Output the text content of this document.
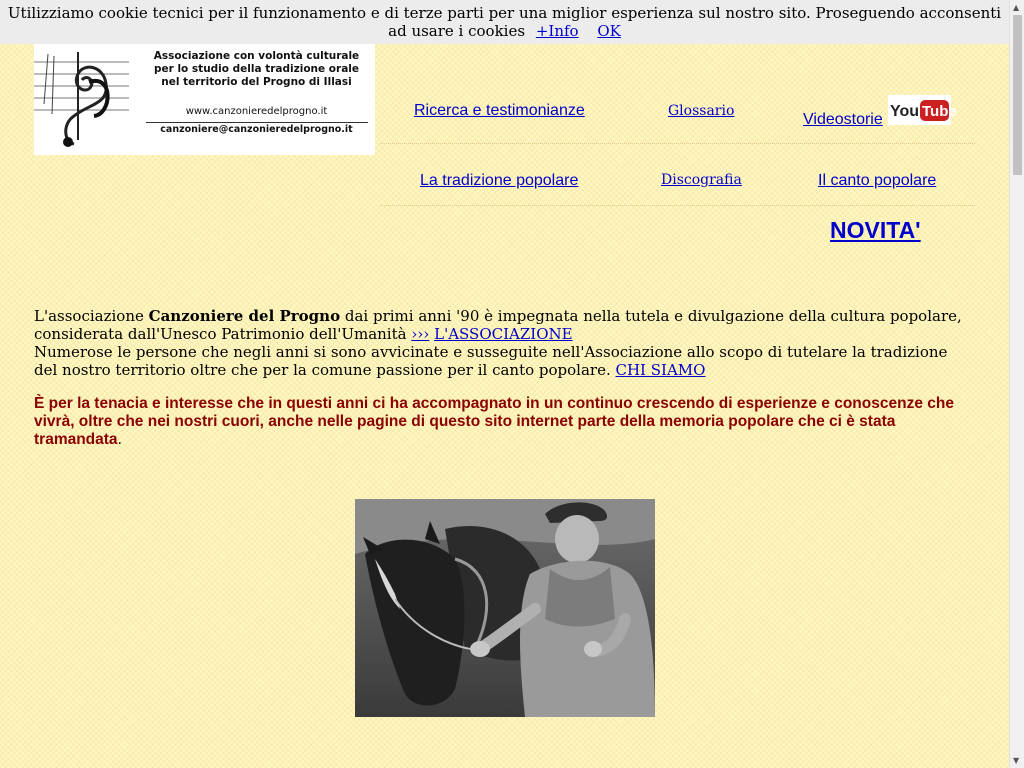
Utilizziamo cookie tecnici per il funzionamento e di terze parti per una miglior esperienza sul nostro sito. Proseguendo acconsenti ad usare i cookies +Info OK
Associazione con volontà culturale
per lo studio della tradizione orale
nel territorio del Progno di Illasi
www.canzonieredelprogno.it
canzoniere@canzonieredelprogno.it
Ricerca e testimonianze	Glossario	Videostorie You Tube
La tradizione popolare	Discografia	Il canto popolare
NOVITA'
L'associazione Canzoniere del Progno dai primi anni '90 è impegnata nella tutela e divulgazione della cultura popolare, considerata dall'Unesco Patrimonio dell'Umanità ››› L'ASSOCIAZIONE
Numerose le persone che negli anni si sono avvicinate e susseguite nell'Associazione allo scopo di tutelare la tradizione del nostro territorio oltre che per la comune passione per il canto popolare. CHI SIAMO
È per la tenacia e interesse che in questi anni ci ha accompagnato in un continuo crescendo di esperienze e conoscenze che vivrà, oltre che nei nostri cuori, anche nelle pagine di questo sito internet parte della memoria popolare che ci è stata tramandata.
▲
▼
